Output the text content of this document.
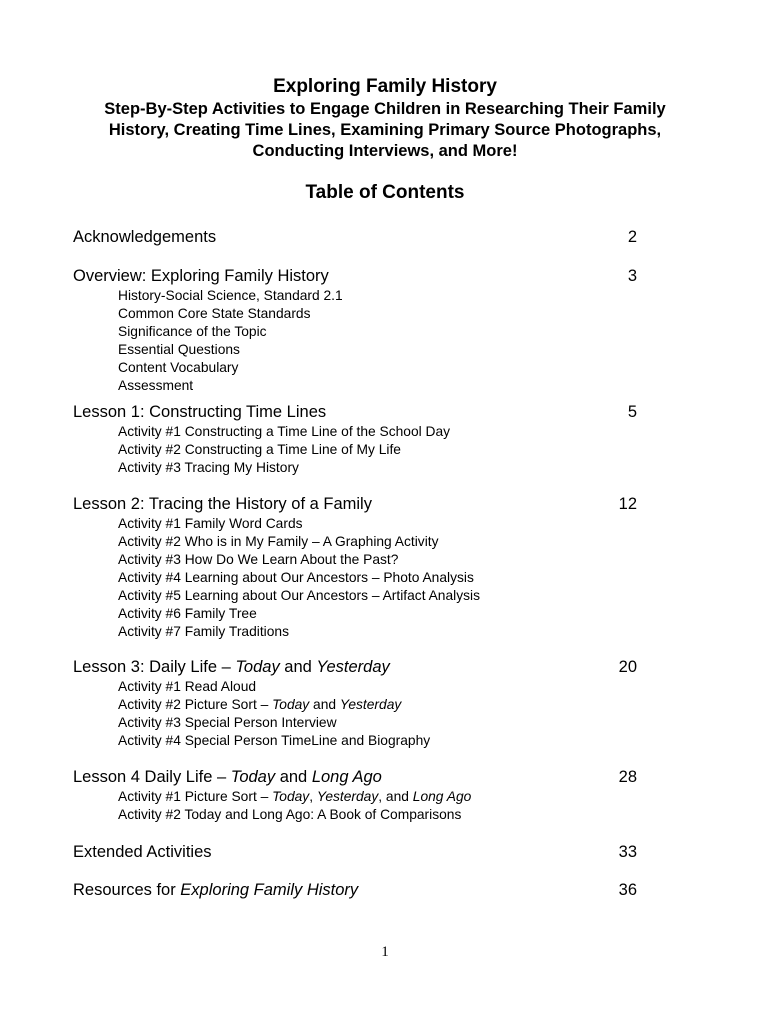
Exploring Family History
Step-By-Step Activities to Engage Children in Researching Their Family
History, Creating Time Lines, Examining Primary Source Photographs,
Conducting Interviews, and More!
Table of Contents
Acknowledgements	2
Overview: Exploring Family History	3
History-Social Science, Standard 2.1
Common Core State Standards
Significance of the Topic
Essential Questions
Content Vocabulary
Assessment
Lesson 1: Constructing Time Lines	5
Activity #1 Constructing a Time Line of the School Day
Activity #2 Constructing a Time Line of My Life
Activity #3 Tracing My History
Lesson 2: Tracing the History of a Family	12
Activity #1 Family Word Cards
Activity #2 Who is in My Family – A Graphing Activity
Activity #3 How Do We Learn About the Past?
Activity #4 Learning about Our Ancestors – Photo Analysis
Activity #5 Learning about Our Ancestors – Artifact Analysis
Activity #6 Family Tree
Activity #7 Family Traditions
Lesson 3: Daily Life – Today and Yesterday	20
Activity #1 Read Aloud
Activity #2 Picture Sort – Today and Yesterday
Activity #3 Special Person Interview
Activity #4 Special Person TimeLine and Biography
Lesson 4 Daily Life – Today and Long Ago	28
Activity #1 Picture Sort – Today, Yesterday, and Long Ago
Activity #2 Today and Long Ago: A Book of Comparisons
Extended Activities	33
Resources for Exploring Family History	36
1
